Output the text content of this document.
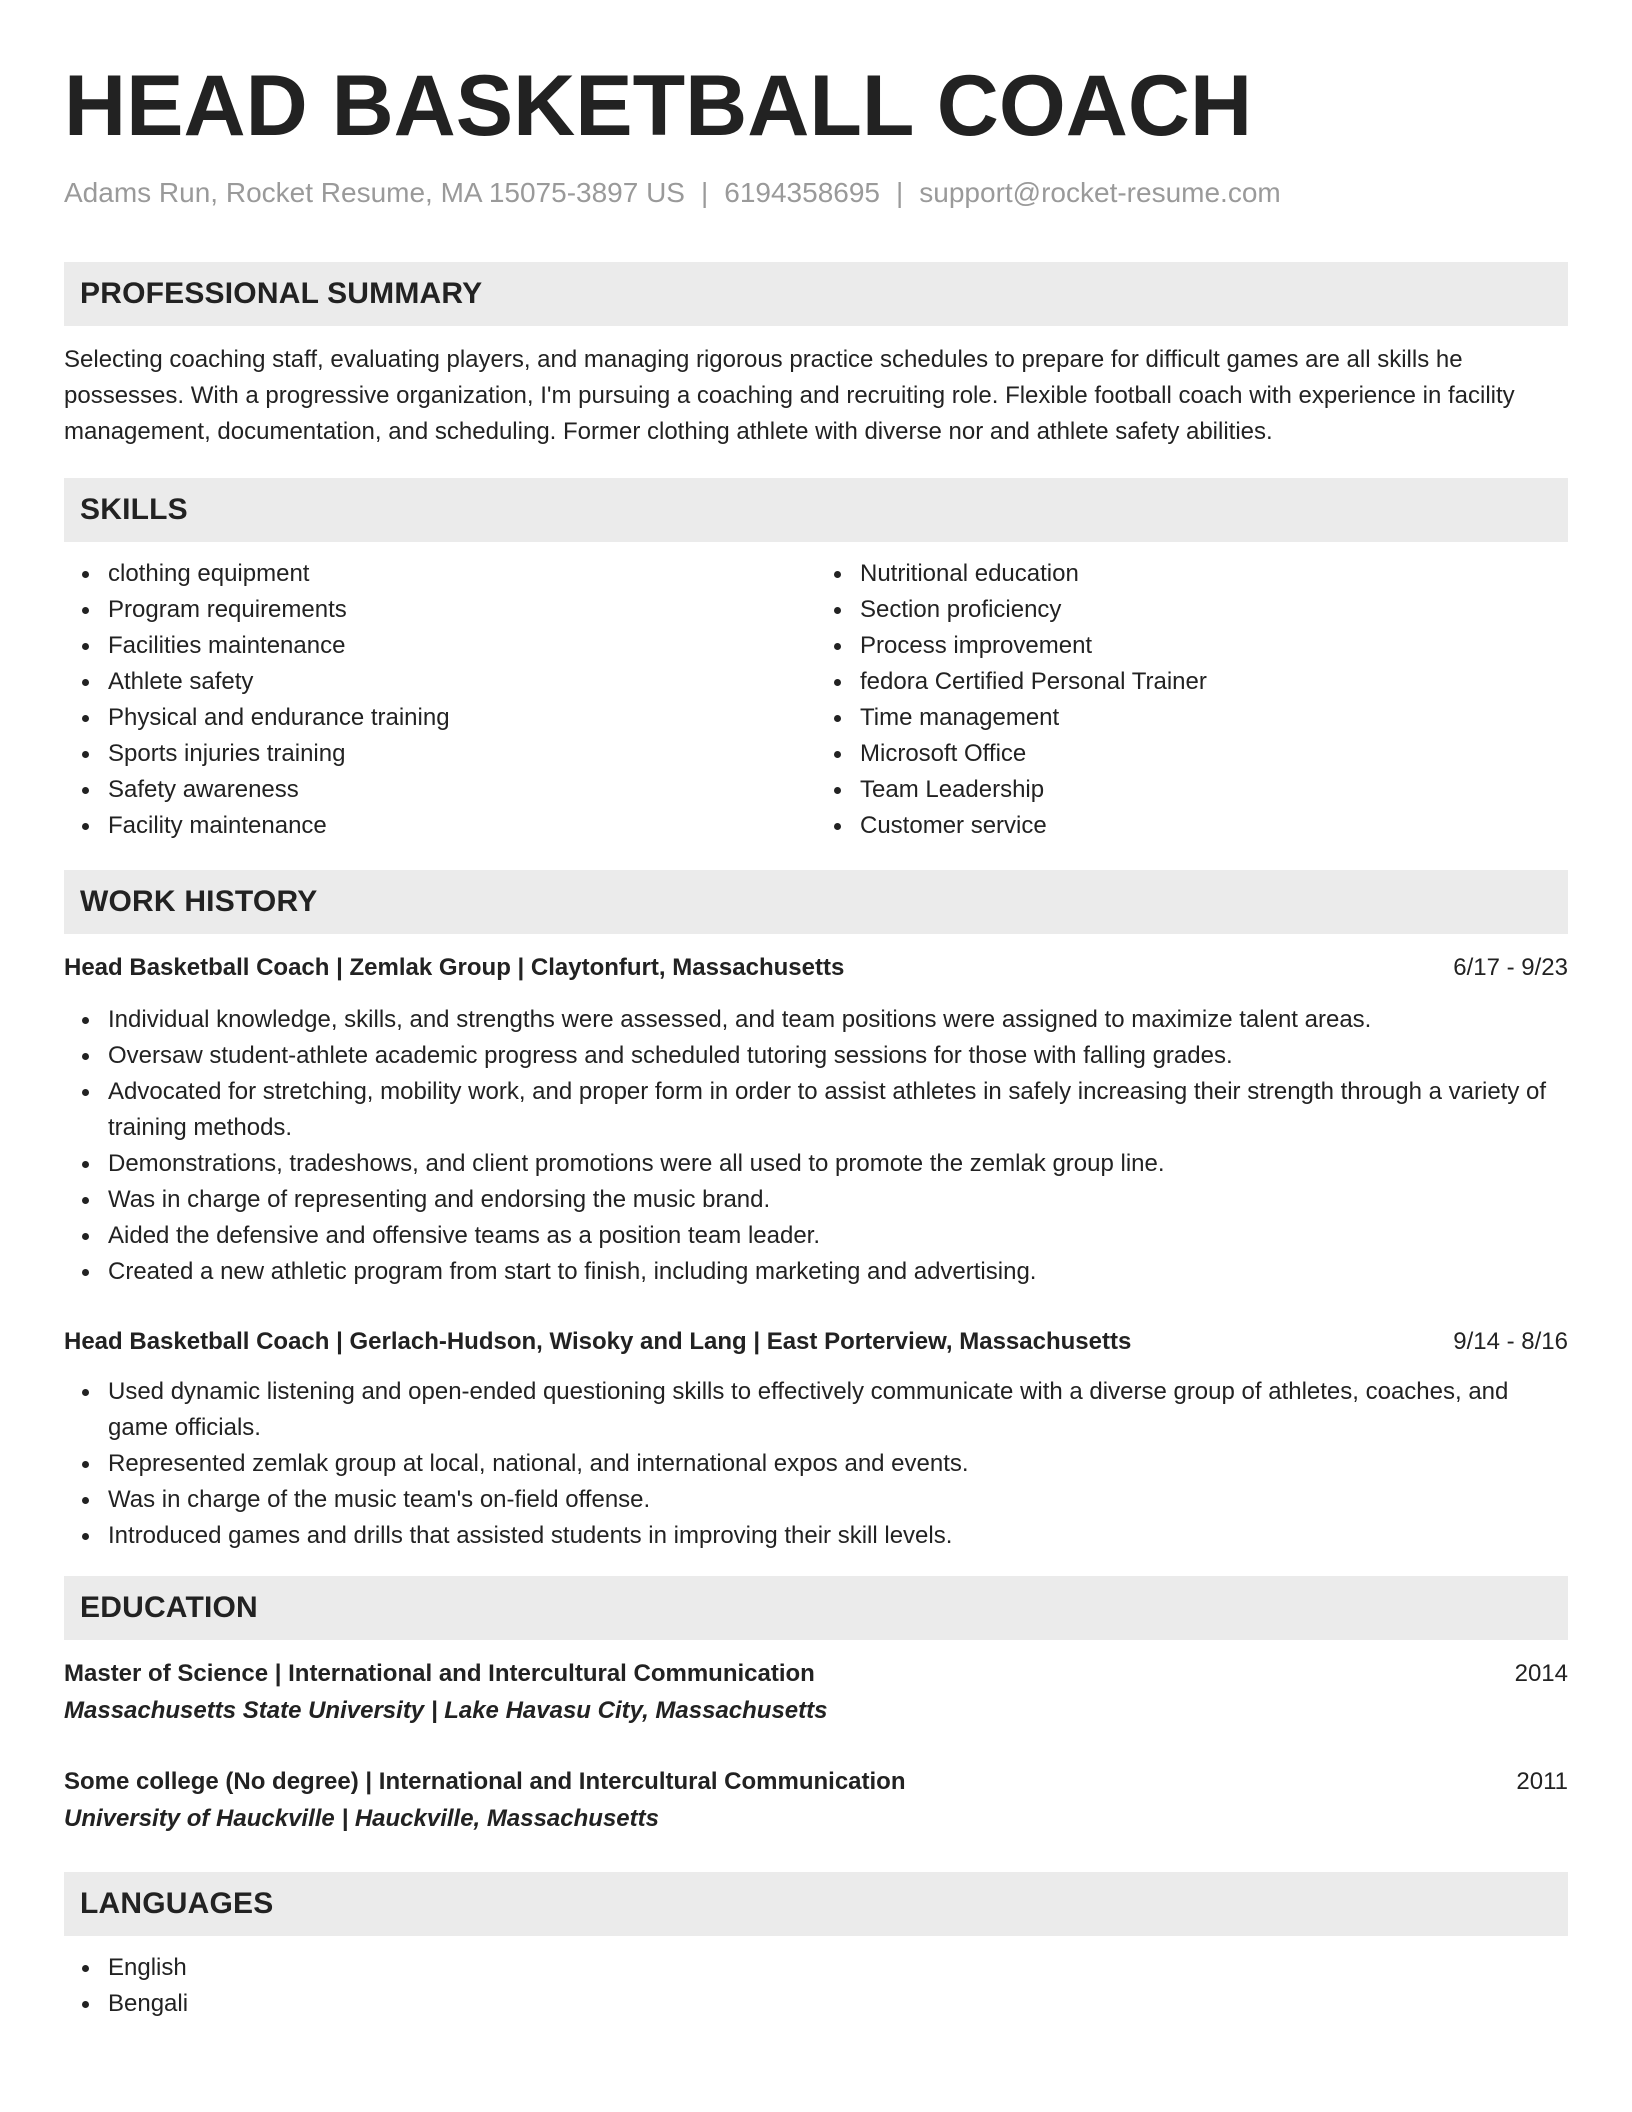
HEAD BASKETBALL COACH
Adams Run, Rocket Resume, MA 15075-3897 US | 6194358695 | support@rocket-resume.com
PROFESSIONAL SUMMARY
Selecting coaching staff, evaluating players, and managing rigorous practice schedules to prepare for difficult games are all skills he possesses. With a progressive organization, I'm pursuing a coaching and recruiting role. Flexible football coach with experience in facility management, documentation, and scheduling. Former clothing athlete with diverse nor and athlete safety abilities.
SKILLS
clothing equipment
Program requirements
Facilities maintenance
Athlete safety
Physical and endurance training
Sports injuries training
Safety awareness
Facility maintenance
Nutritional education
Section proficiency
Process improvement
fedora Certified Personal Trainer
Time management
Microsoft Office
Team Leadership
Customer service
WORK HISTORY
Head Basketball Coach | Zemlak Group | Claytonfurt, Massachusetts	6/17 - 9/23
Individual knowledge, skills, and strengths were assessed, and team positions were assigned to maximize talent areas.
Oversaw student-athlete academic progress and scheduled tutoring sessions for those with falling grades.
Advocated for stretching, mobility work, and proper form in order to assist athletes in safely increasing their strength through a variety of training methods.
Demonstrations, tradeshows, and client promotions were all used to promote the zemlak group line.
Was in charge of representing and endorsing the music brand.
Aided the defensive and offensive teams as a position team leader.
Created a new athletic program from start to finish, including marketing and advertising.
Head Basketball Coach | Gerlach-Hudson, Wisoky and Lang | East Porterview, Massachusetts	9/14 - 8/16
Used dynamic listening and open-ended questioning skills to effectively communicate with a diverse group of athletes, coaches, and game officials.
Represented zemlak group at local, national, and international expos and events.
Was in charge of the music team's on-field offense.
Introduced games and drills that assisted students in improving their skill levels.
EDUCATION
Master of Science | International and Intercultural Communication	2014
Massachusetts State University | Lake Havasu City, Massachusetts
Some college (No degree) | International and Intercultural Communication	2011
University of Hauckville | Hauckville, Massachusetts
LANGUAGES
English
Bengali
